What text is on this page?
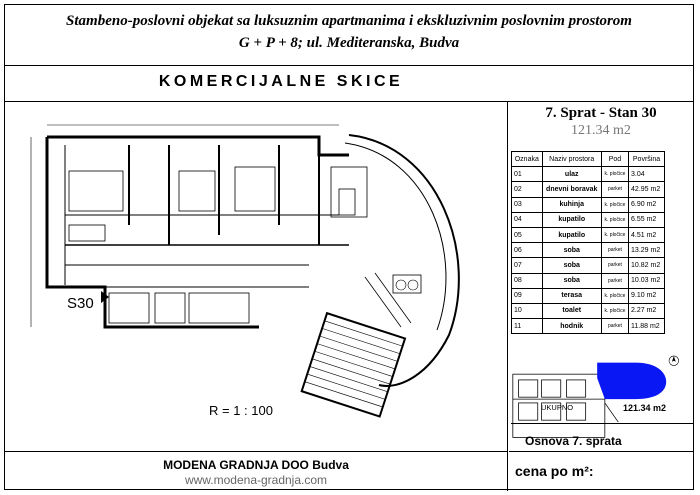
Stambeno-poslovni objekat sa luksuznim apartmanima i ekskluzivnim poslovnim prostorom
G + P + 8; ul. Mediteranska, Budva
KOMERCIJALNE SKICE
S30
R = 1 : 100
MODENA GRADNJA DOO Budva
www.modena-gradnja.com
7. Sprat - Stan 30
121.34 m2
Oznaka	Naziv prostora	Pod	Površina
01	ulaz	k. pločice	3.04
02	dnevni boravak	parket	42.95 m2
03	kuhinja	k. pločice	6.90 m2
04	kupatilo	k. pločice	6.55 m2
05	kupatilo	k. pločice	4.51 m2
06	soba	parket	13.29 m2
07	soba	parket	10.82 m2
08	soba	parket	10.03 m2
09	terasa	k. pločice	9.10 m2
10	toalet	k. pločice	2.27 m2
11	hodnik	parket	11.88 m2
UKUPNO	121.34 m2
Osnova 7. sprata
cena po m²:
